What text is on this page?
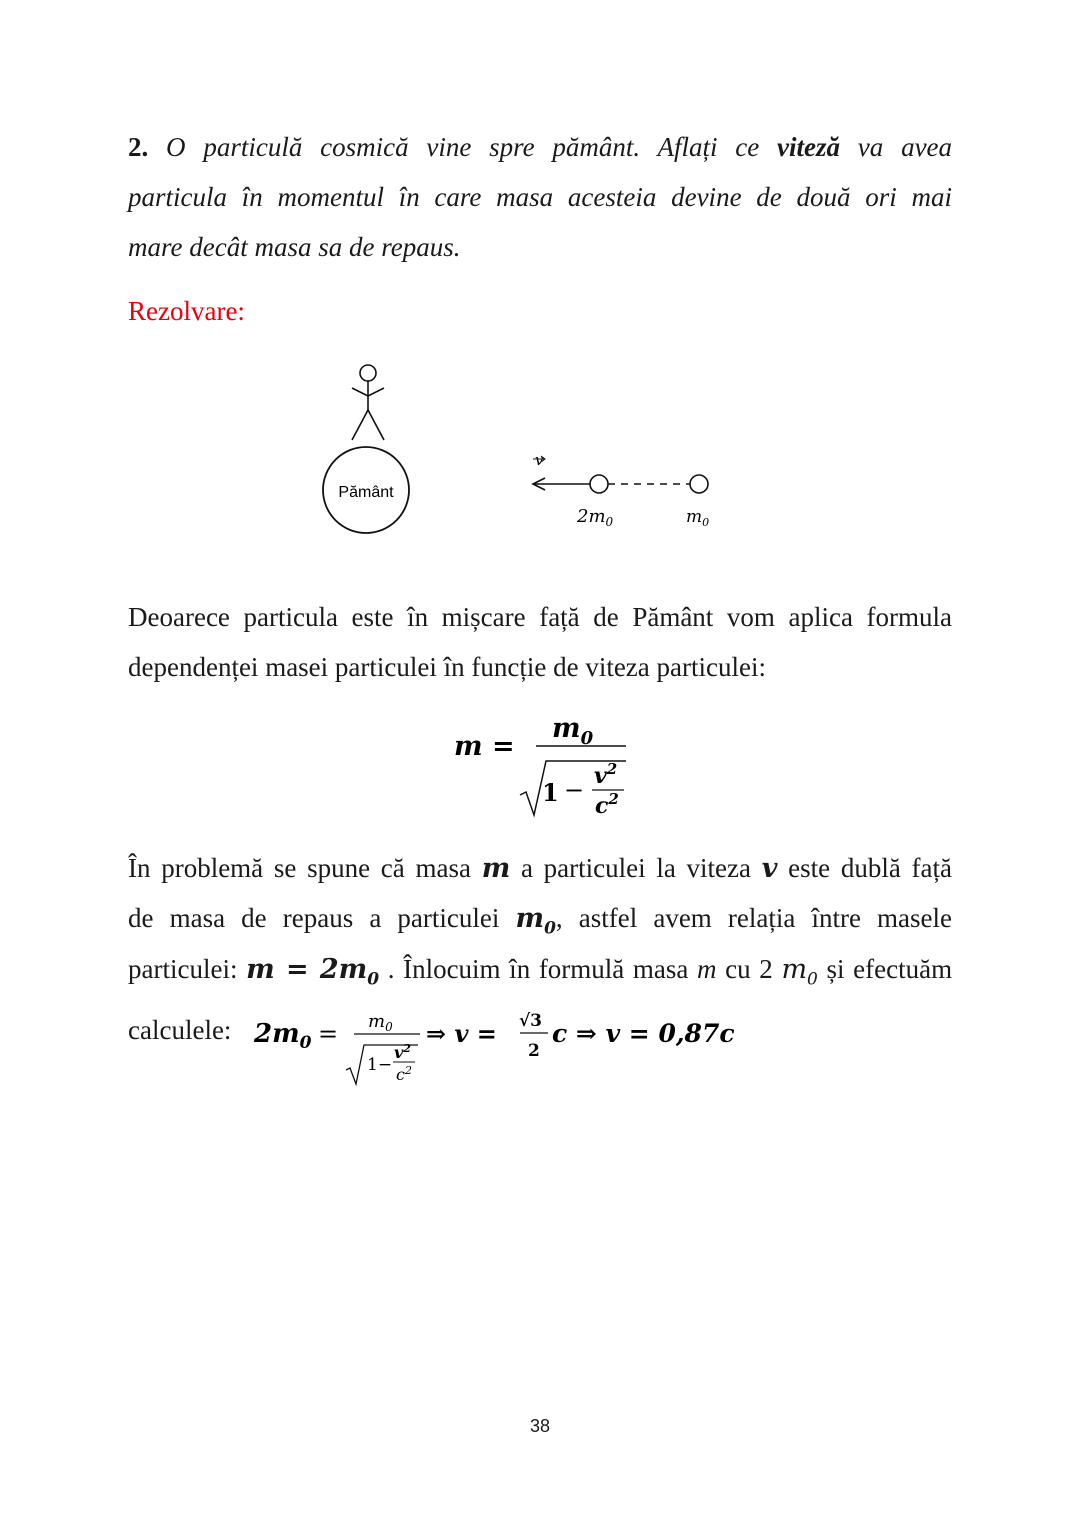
2. O particulă cosmică vine spre pământ. Aflați ce viteză va avea
particula în momentul în care masa acesteia devine de două ori mai
mare decât masa sa de repaus.
Rezolvare:
Pământ
v
$2m_0$	$m_0$
Deoarece particula este în mișcare față de Pământ vom aplica formula
dependenței masei particulei în funcție de viteza particulei:
m =
$m_0$
$1 - v^2$
$c^2$
În problemă se spune că masa m a particulei la viteza v este dublă față
de masa de repaus a particulei $m_0$, astfel avem relația între masele
particulei: $m = 2m_0$ . Înlocuim în formulă masa m cu 2 $m_0$ și efectuăm
calculele: $2m_0 = m_0$
1−
$v^2$
$c^2$
⇒ v = √3
2
c ⇒ v = 0,87c
38
